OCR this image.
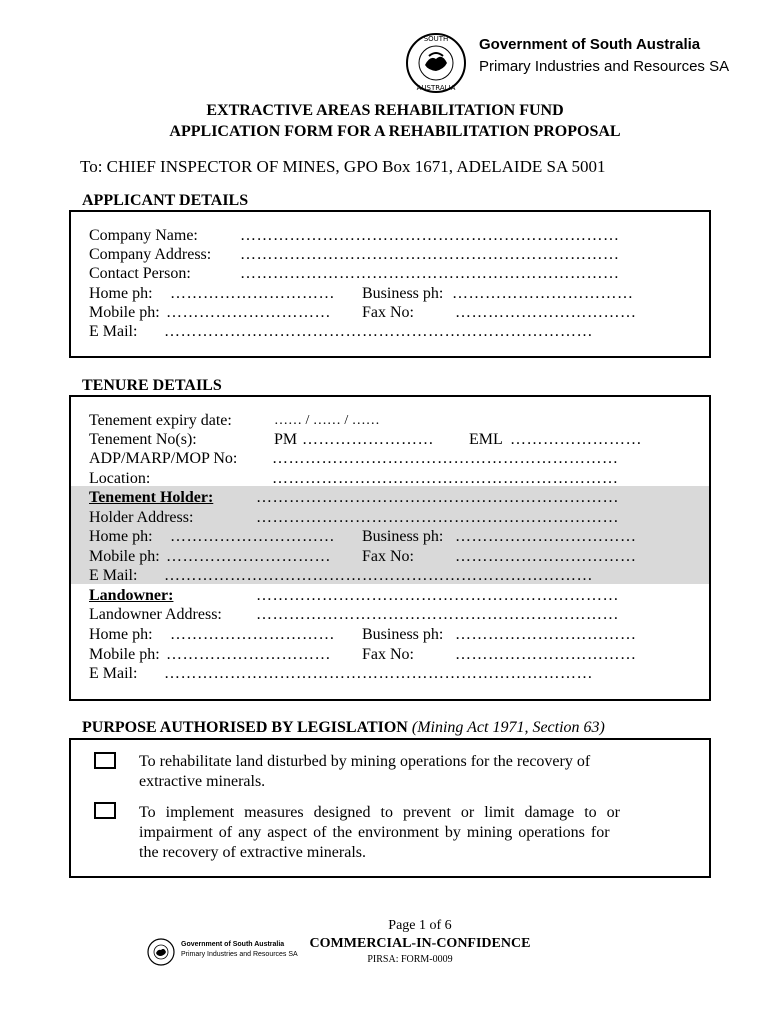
SOUTH
AUSTRALIA
Government of South Australia
Primary Industries and Resources SA
EXTRACTIVE AREAS REHABILITATION FUND
APPLICATION FORM FOR A REHABILITATION PROPOSAL
To: CHIEF INSPECTOR OF MINES, GPO Box 1671, ADELAIDE SA 5001
APPLICANT DETAILS
Company Name:	……………………………………………………………
Company Address: ……………………………………………………………
Contact Person:	……………………………………………………………
Home ph: ………………………… Business ph: ……………………………
Mobile ph: ………………………… Fax No:	……………………………
E Mail: ……………………………………………………………………
TENURE DETAILS
Tenement expiry date:	…… / …… / ……
Tenement No(s):	PM …………………… EML ……………………
ADP/MARP/MOP No: ………………………………………………………
Location:	………………………………………………………
Tenement Holder:	…………………………………………………………
Holder Address:	…………………………………………………………
Home ph: ………………………… Business ph: ……………………………
Mobile ph: ………………………… Fax No:	……………………………
E Mail: ……………………………………………………………………
Landowner:	…………………………………………………………
Landowner Address: …………………………………………………………
Home ph: ………………………… Business ph: ……………………………
Mobile ph: ………………………… Fax No:	……………………………
E Mail: ……………………………………………………………………
PURPOSE AUTHORISED BY LEGISLATION (Mining Act 1971, Section 63)
To rehabilitate land disturbed by mining operations for the recovery of
extractive minerals.
To implement measures designed to prevent or limit damage to or
impairment of any aspect of the environment by mining operations for
the recovery of extractive minerals.
Page 1 of 6
COMMERCIAL-IN-CONFIDENCE
PIRSA: FORM-0009
Government of South Australia
Primary Industries and Resources SA
